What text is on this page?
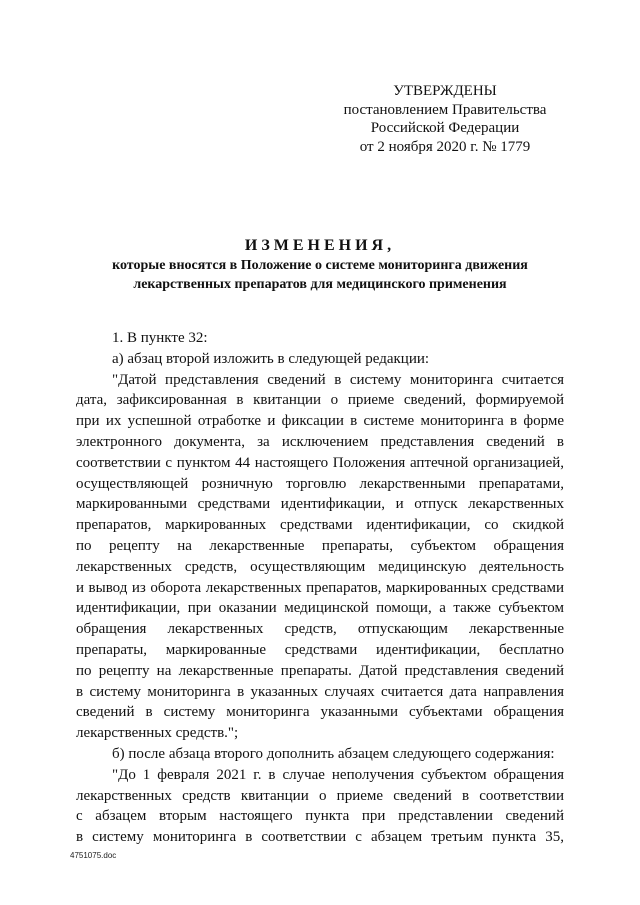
УТВЕРЖДЕНЫ
постановлением Правительства
Российской Федерации
от 2 ноября 2020 г. № 1779
ИЗМЕНЕНИЯ,
которые вносятся в Положение о системе мониторинга движения
лекарственных препаратов для медицинского применения
1. В пункте 32:
а) абзац второй изложить в следующей редакции:
"Датой представления сведений в систему мониторинга считается
дата, зафиксированная в квитанции о приеме сведений, формируемой
при их успешной отработке и фиксации в системе мониторинга в форме
электронного документа, за исключением представления сведений в
соответствии с пунктом 44 настоящего Положения аптечной организацией,
осуществляющей розничную торговлю лекарственными препаратами,
маркированными средствами идентификации, и отпуск лекарственных
препаратов, маркированных средствами идентификации, со скидкой
по рецепту на лекарственные препараты, субъектом обращения
лекарственных средств, осуществляющим медицинскую деятельность
и вывод из оборота лекарственных препаратов, маркированных средствами
идентификации, при оказании медицинской помощи, а также субъектом
обращения лекарственных средств, отпускающим лекарственные
препараты, маркированные средствами идентификации, бесплатно
по рецепту на лекарственные препараты. Датой представления сведений
в систему мониторинга в указанных случаях считается дата направления
сведений в систему мониторинга указанными субъектами обращения
лекарственных средств.";
б) после абзаца второго дополнить абзацем следующего содержания:
"До 1 февраля 2021 г. в случае неполучения субъектом обращения
лекарственных средств квитанции о приеме сведений в соответствии
с абзацем вторым настоящего пункта при представлении сведений
в систему мониторинга в соответствии с абзацем третьим пункта 35,
4751075.doc
